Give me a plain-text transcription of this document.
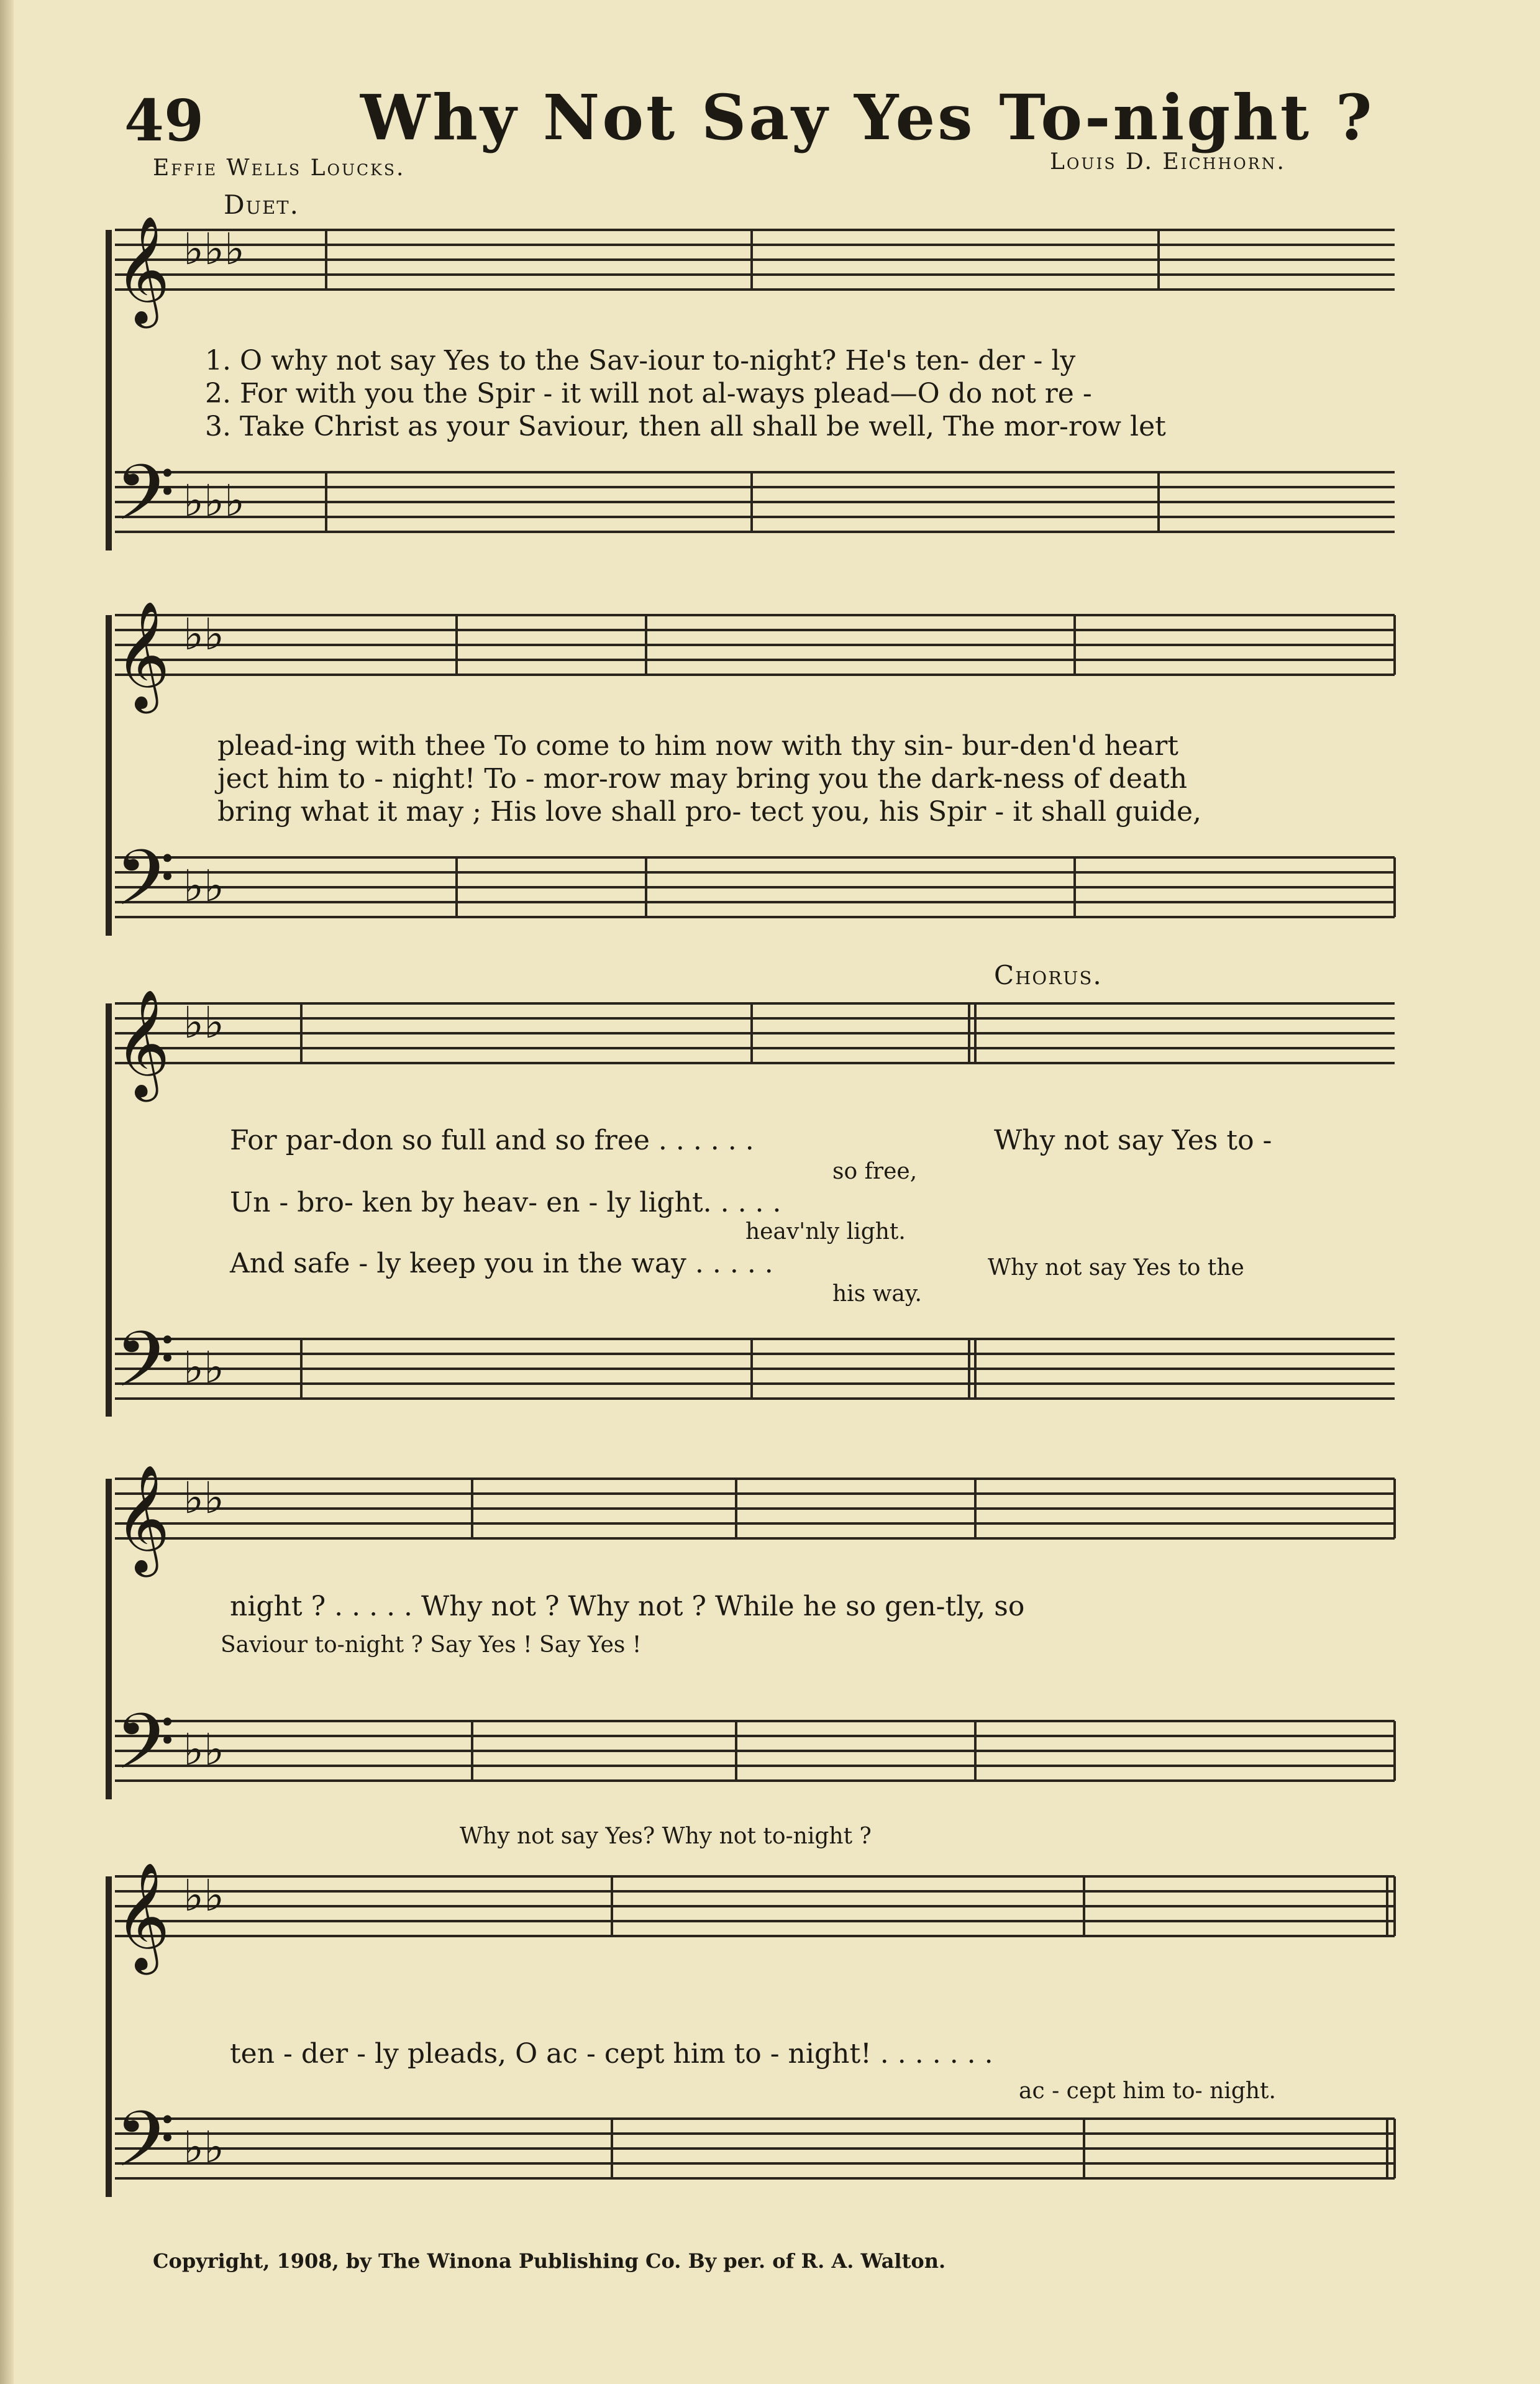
49	Why Not Say Yes To-night ?
Effie Wells Loucks.	Louis D. Eichhorn.
Duet.
𝄞 ♭♭♭
𝄢 ♭♭♭
1. O why not say Yes to the Sav-iour to-night? He's ten- der - ly
2. For with you the Spir - it will not al-ways plead—O do not re -
3. Take Christ as your Saviour, then all shall be well, The mor-row let
𝄞 ♭♭
𝄢 ♭♭
plead-ing with thee To come to him now with thy sin- bur-den'd heart
ject him to - night! To - mor-row may bring you the dark-ness of death
bring what it may ; His love shall pro- tect you, his Spir - it shall guide,
Chorus.
𝄞 ♭♭
𝄢 ♭♭
For par-don so full and so free . . . . . .
so free,
Un - bro- ken by heav- en - ly light. . . . .
heav'nly light.
And safe - ly keep you in the way . . . . .
his way.
Why not say Yes to -
Why not say Yes to the
𝄞 ♭♭
𝄢 ♭♭
night ? . . . . . Why not ? Why not ? While he so gen-tly, so
Saviour to-night ? Say Yes ! Say Yes !
Why not say Yes? Why not to-night ?
𝄞 ♭♭
𝄢 ♭♭
ten - der - ly pleads, O ac - cept him to - night! . . . . . . .
ac - cept him to- night.
Copyright, 1908, by The Winona Publishing Co. By per. of R. A. Walton.
